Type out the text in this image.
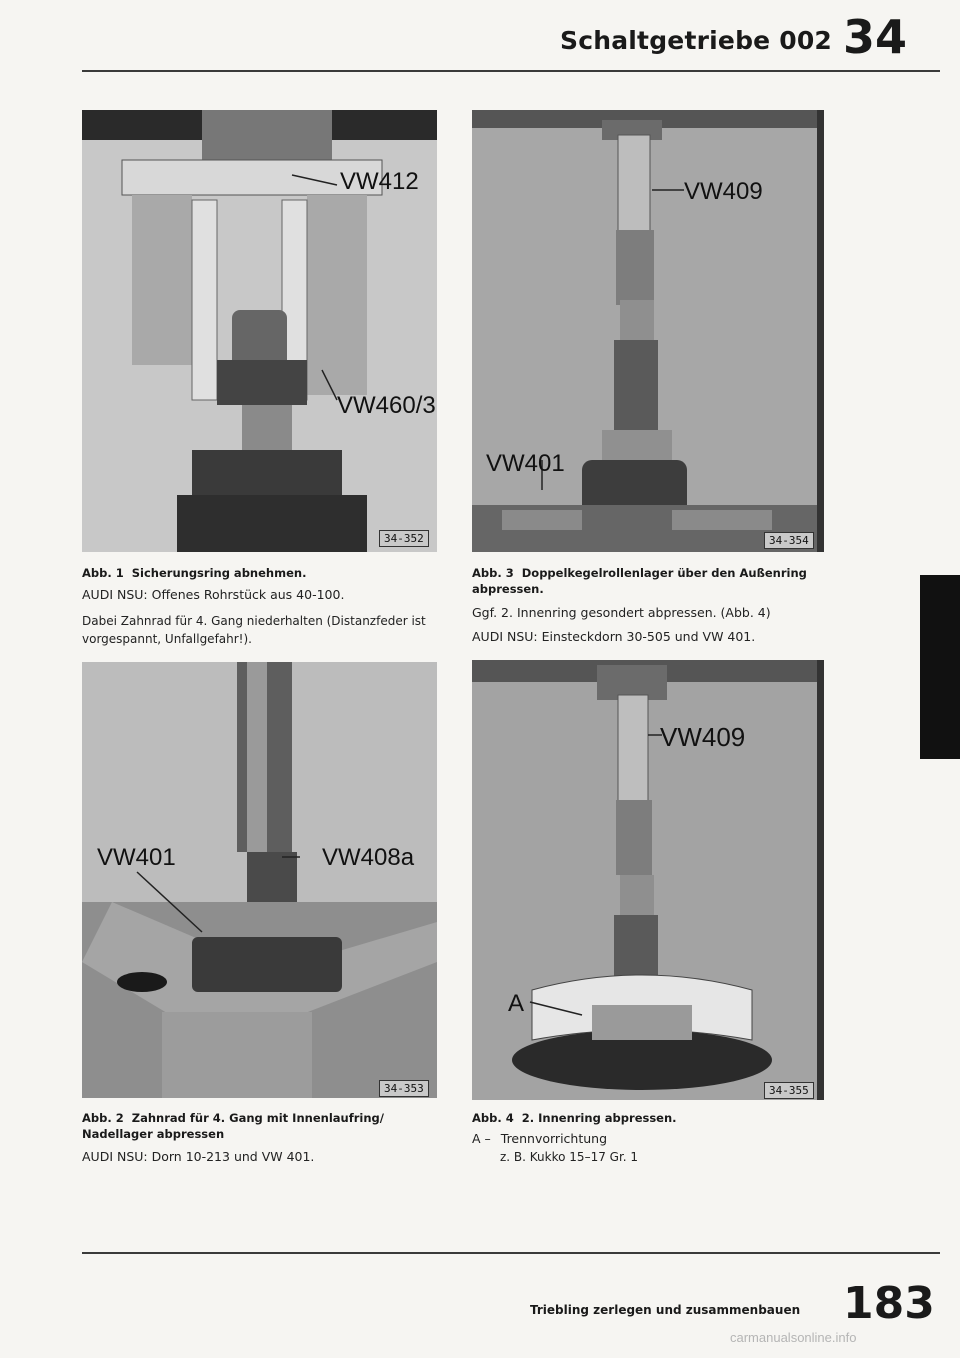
Schaltgetriebe 002 34
VW412
VW460/3
34-352
Abb. 1 Sicherungsring abnehmen.
AUDI NSU: Offenes Rohrstück aus 40-100.
Dabei Zahnrad für 4. Gang niederhalten (Distanzfeder ist vorgespannt, Unfallgefahr!).
VW401	VW408a
34-353
Abb. 2 Zahnrad für 4. Gang mit Innenlaufring/ Nadellager abpressen
AUDI NSU: Dorn 10-213 und VW 401.
VW409
VW401
34-354
Abb. 3 Doppelkegelrollenlager über den Außenring abpressen.
Ggf. 2. Innenring gesondert abpressen. (Abb. 4)
AUDI NSU: Einsteckdorn 30-505 und VW 401.
VW409
A
34-355
Abb. 4 2. Innenring abpressen.
A – Trennvorrichtung
z. B. Kukko 15–17 Gr. 1
Triebling zerlegen und zusammenbauen 183
carmanualsonline.info
